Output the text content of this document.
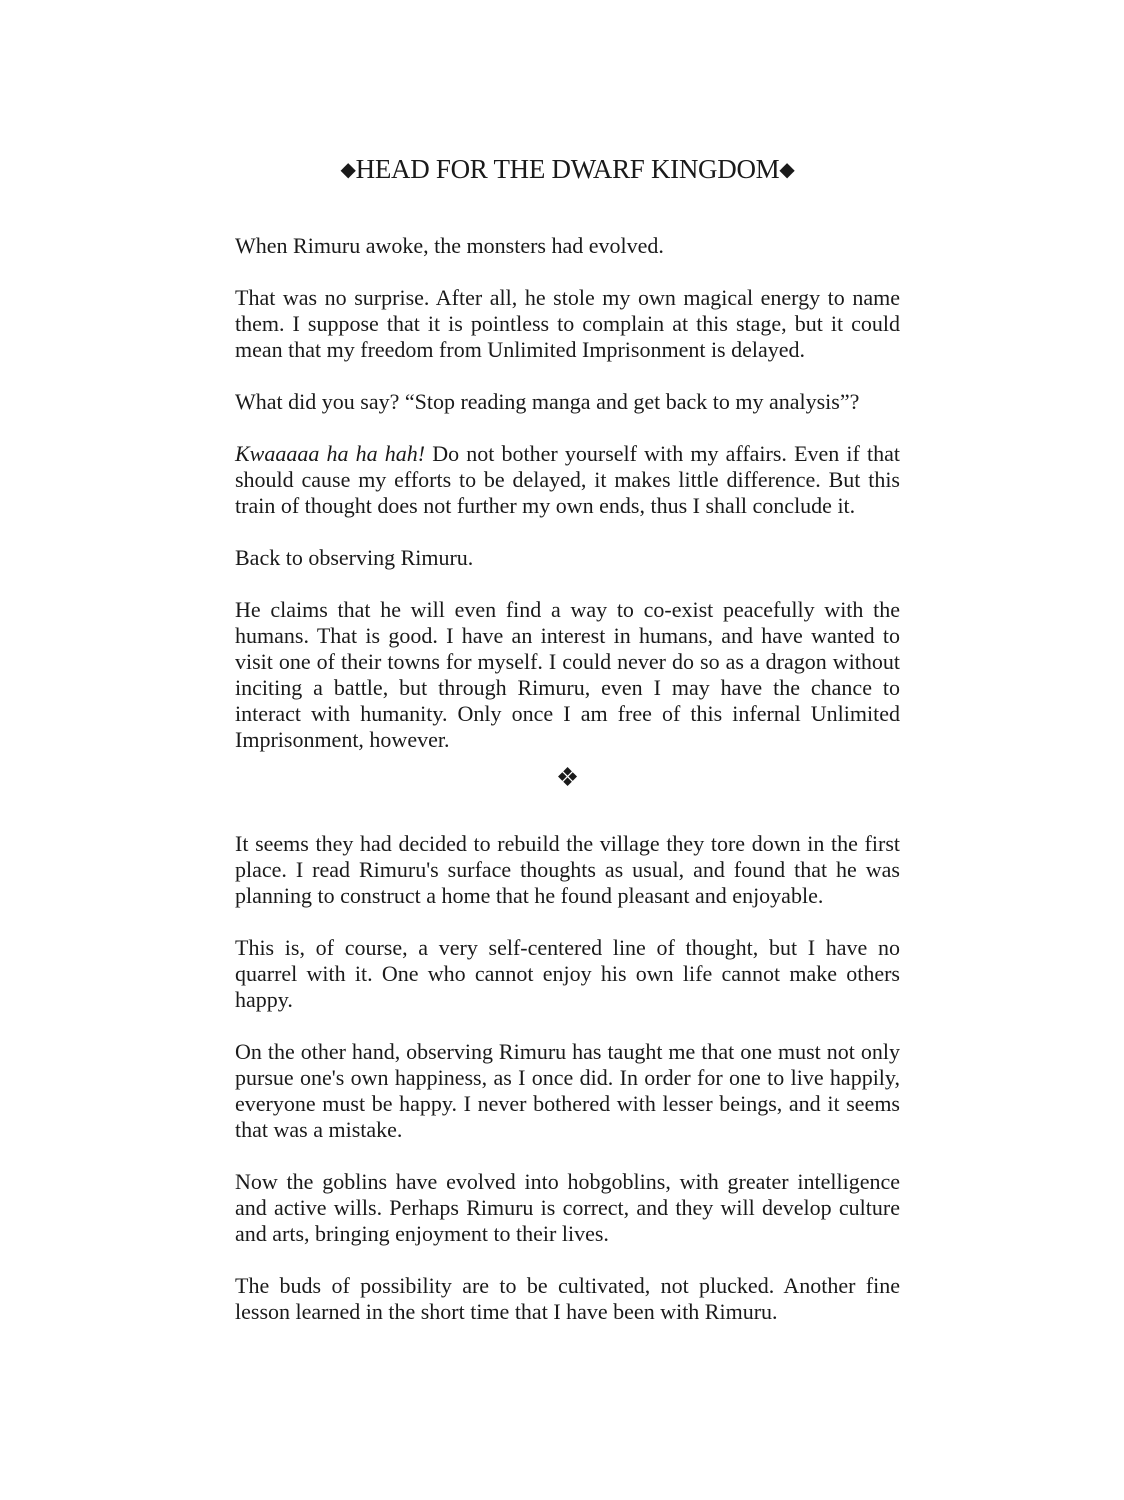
◆HEAD FOR THE DWARF KINGDOM◆

When Rimuru awoke, the monsters had evolved.

That was no surprise. After all, he stole my own magical energy to name them. I suppose that it is pointless to complain at this stage, but it could mean that my freedom from Unlimited Imprisonment is delayed.

What did you say? “Stop reading manga and get back to my analysis”?

Kwaaaaa ha ha hah! Do not bother yourself with my affairs. Even if that should cause my efforts to be delayed, it makes little difference. But this train of thought does not further my own ends, thus I shall conclude it.

Back to observing Rimuru.

He claims that he will even find a way to co-exist peacefully with the humans. That is good. I have an interest in humans, and have wanted to visit one of their towns for myself. I could never do so as a dragon without inciting a battle, but through Rimuru, even I may have the chance to interact with humanity. Only once I am free of this infernal Unlimited Imprisonment, however.

❖

It seems they had decided to rebuild the village they tore down in the first place. I read Rimuru's surface thoughts as usual, and found that he was planning to construct a home that he found pleasant and enjoyable.

This is, of course, a very self-centered line of thought, but I have no quarrel with it. One who cannot enjoy his own life cannot make others happy.

On the other hand, observing Rimuru has taught me that one must not only pursue one's own happiness, as I once did. In order for one to live happily, everyone must be happy. I never bothered with lesser beings, and it seems that was a mistake.

Now the goblins have evolved into hobgoblins, with greater intelligence and active wills. Perhaps Rimuru is correct, and they will develop culture and arts, bringing enjoyment to their lives.

The buds of possibility are to be cultivated, not plucked. Another fine lesson learned in the short time that I have been with Rimuru.
